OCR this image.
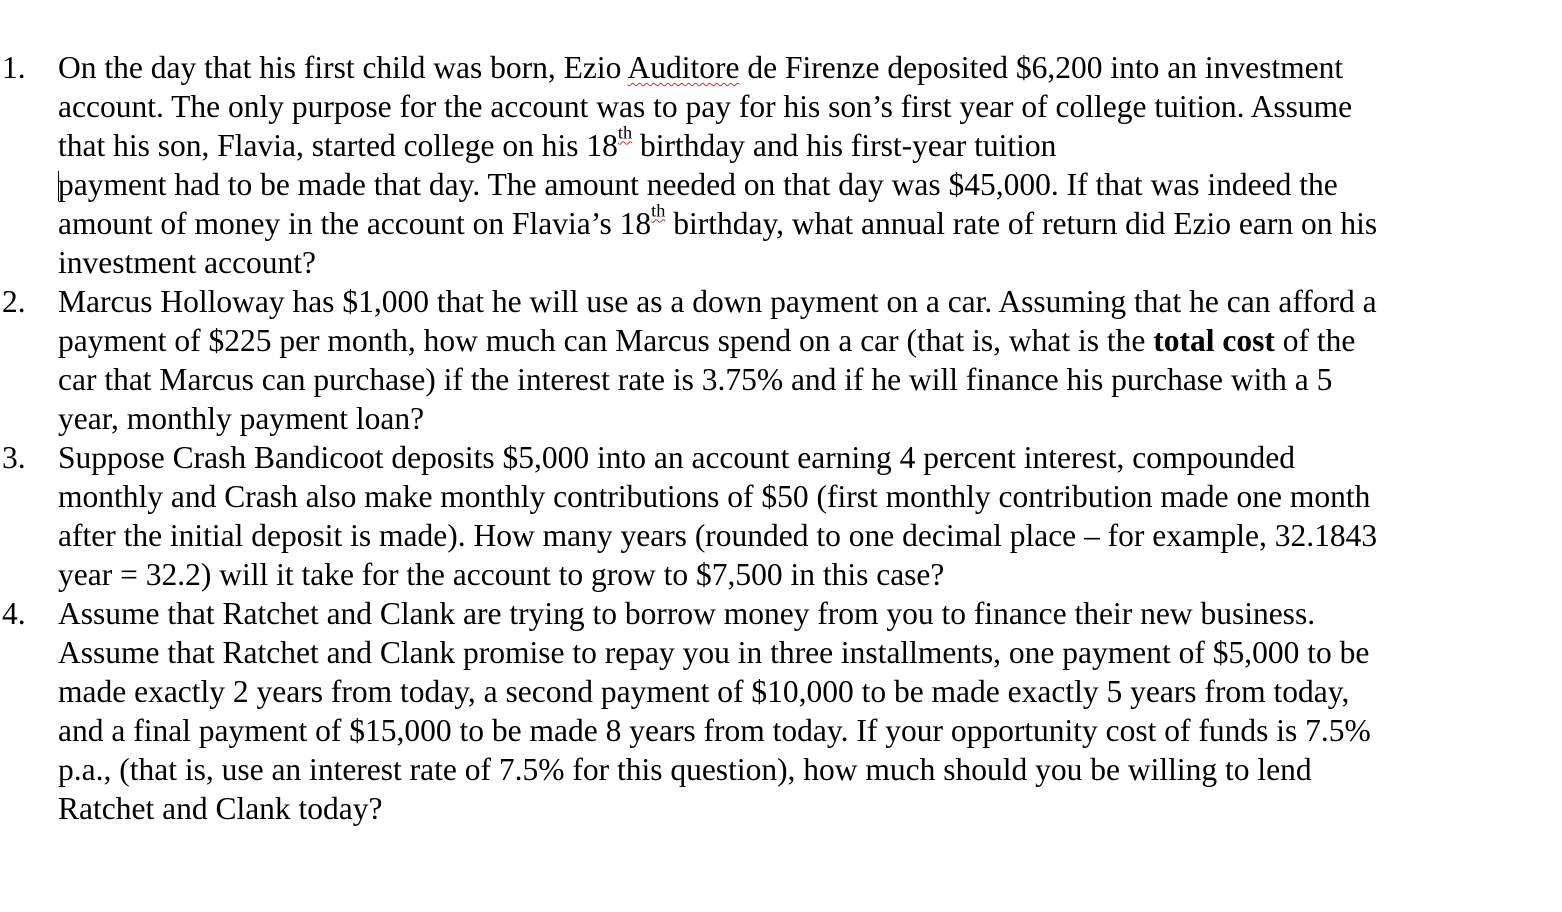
1.	On the day that his first child was born, Ezio Auditore de Firenze deposited $6,200 into an investment account. The only purpose for the account was to pay for his son’s first year of college tuition. Assume that his son, Flavia, started college on his 18th birthday and his first-year tuition
payment had to be made that day. The amount needed on that day was $45,000. If that was indeed the amount of money in the account on Flavia’s 18th birthday, what annual rate of return did Ezio earn on his investment account?
2.	Marcus Holloway has $1,000 that he will use as a down payment on a car. Assuming that he can afford a payment of $225 per month, how much can Marcus spend on a car (that is, what is the total cost of the car that Marcus can purchase) if the interest rate is 3.75% and if he will finance his purchase with a 5 year, monthly payment loan?
3.	Suppose Crash Bandicoot deposits $5,000 into an account earning 4 percent interest, compounded monthly and Crash also make monthly contributions of $50 (first monthly contribution made one month after the initial deposit is made). How many years (rounded to one decimal place – for example, 32.1843 year = 32.2) will it take for the account to grow to $7,500 in this case?
4.	Assume that Ratchet and Clank are trying to borrow money from you to finance their new business. Assume that Ratchet and Clank promise to repay you in three installments, one payment of $5,000 to be made exactly 2 years from today, a second payment of $10,000 to be made exactly 5 years from today, and a final payment of $15,000 to be made 8 years from today. If your opportunity cost of funds is 7.5% p.a., (that is, use an interest rate of 7.5% for this question), how much should you be willing to lend Ratchet and Clank today?
